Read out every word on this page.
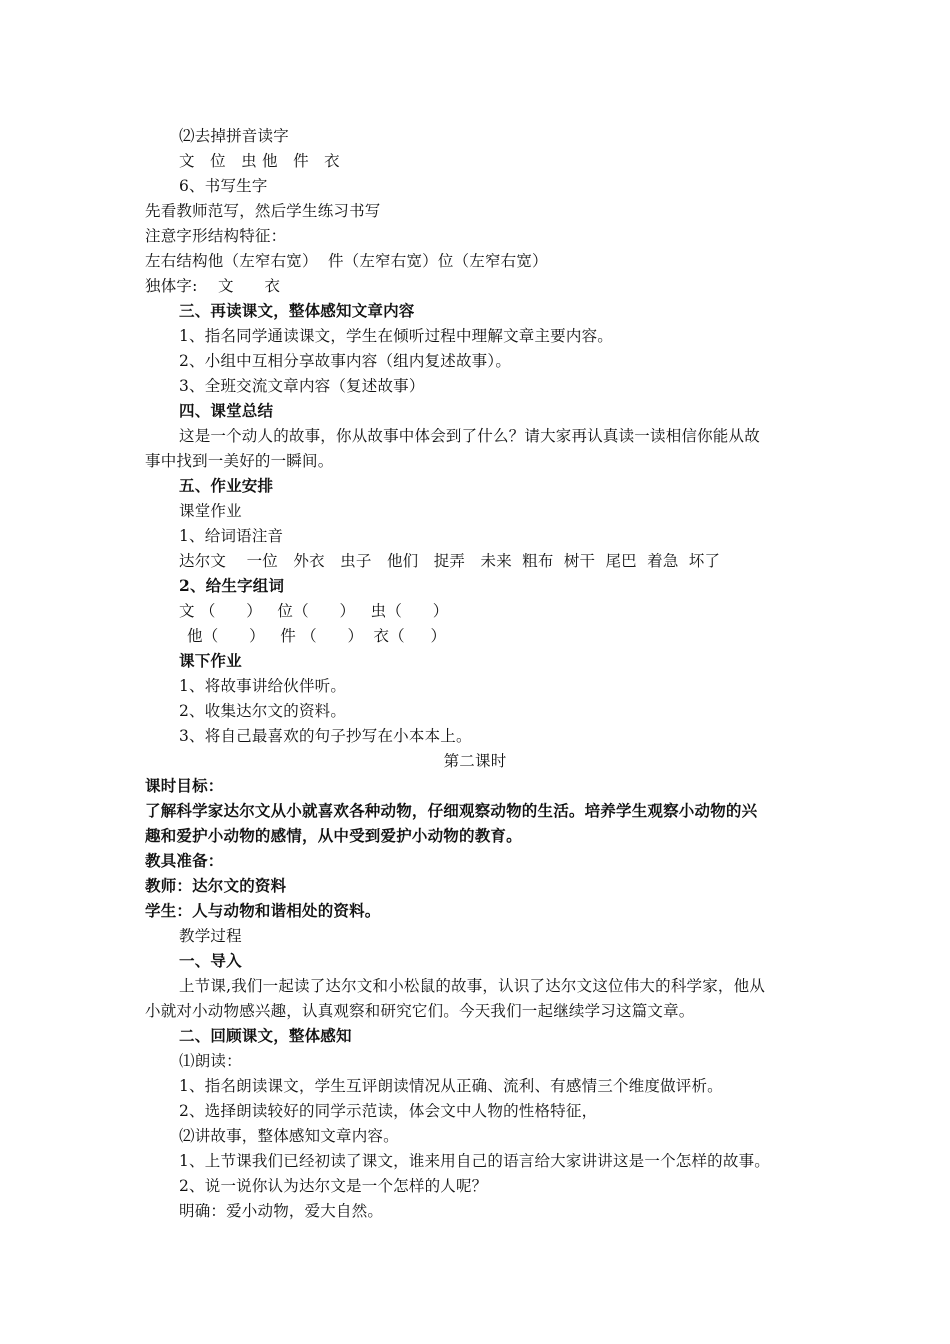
⑵去掉拼音读字
文   位   虫 他   件   衣
6、书写生字
先看教师范写，然后学生练习书写
注意字形结构特征：
左右结构他（左窄右宽）  件（左窄右宽）位（左窄右宽）
独体字:    文      衣
三、再读课文，整体感知文章内容
1、指名同学通读课文，学生在倾听过程中理解文章主要内容。
2、小组中互相分享故事内容（组内复述故事）。
3、全班交流文章内容（复述故事）
四、课堂总结
这是一个动人的故事，你从故事中体会到了什么？请大家再认真读一读相信你能从故
事中找到一美好的一瞬间。
五、作业安排
课堂作业
1、给词语注音
达尔文    一位   外衣   虫子   他们   捉弄   未来  粗布  树干  尾巴  着急  坏了
2、给生字组词
文 （      ）   位（      ）   虫（      ）
他（      ）   件 （      ）  衣（     ）
课下作业
1、将故事讲给伙伴听。
2、收集达尔文的资料。
3、将自己最喜欢的句子抄写在小本本上。
第二课时
课时目标：
了解科学家达尔文从小就喜欢各种动物，仔细观察动物的生活。培养学生观察小动物的兴
趣和爱护小动物的感情，从中受到爱护小动物的教育。
教具准备：
教师：达尔文的资料
学生：人与动物和谐相处的资料。
教学过程
一、导入
上节课,我们一起读了达尔文和小松鼠的故事，认识了达尔文这位伟大的科学家，他从
小就对小动物感兴趣，认真观察和研究它们。今天我们一起继续学习这篇文章。
二、回顾课文，整体感知
⑴朗读：
1、指名朗读课文，学生互评朗读情况从正确、流利、有感情三个维度做评析。
2、选择朗读较好的同学示范读，体会文中人物的性格特征，
⑵讲故事，整体感知文章内容。
1、上节课我们已经初读了课文，谁来用自己的语言给大家讲讲这是一个怎样的故事。
2、说一说你认为达尔文是一个怎样的人呢？
明确：爱小动物，爱大自然。
